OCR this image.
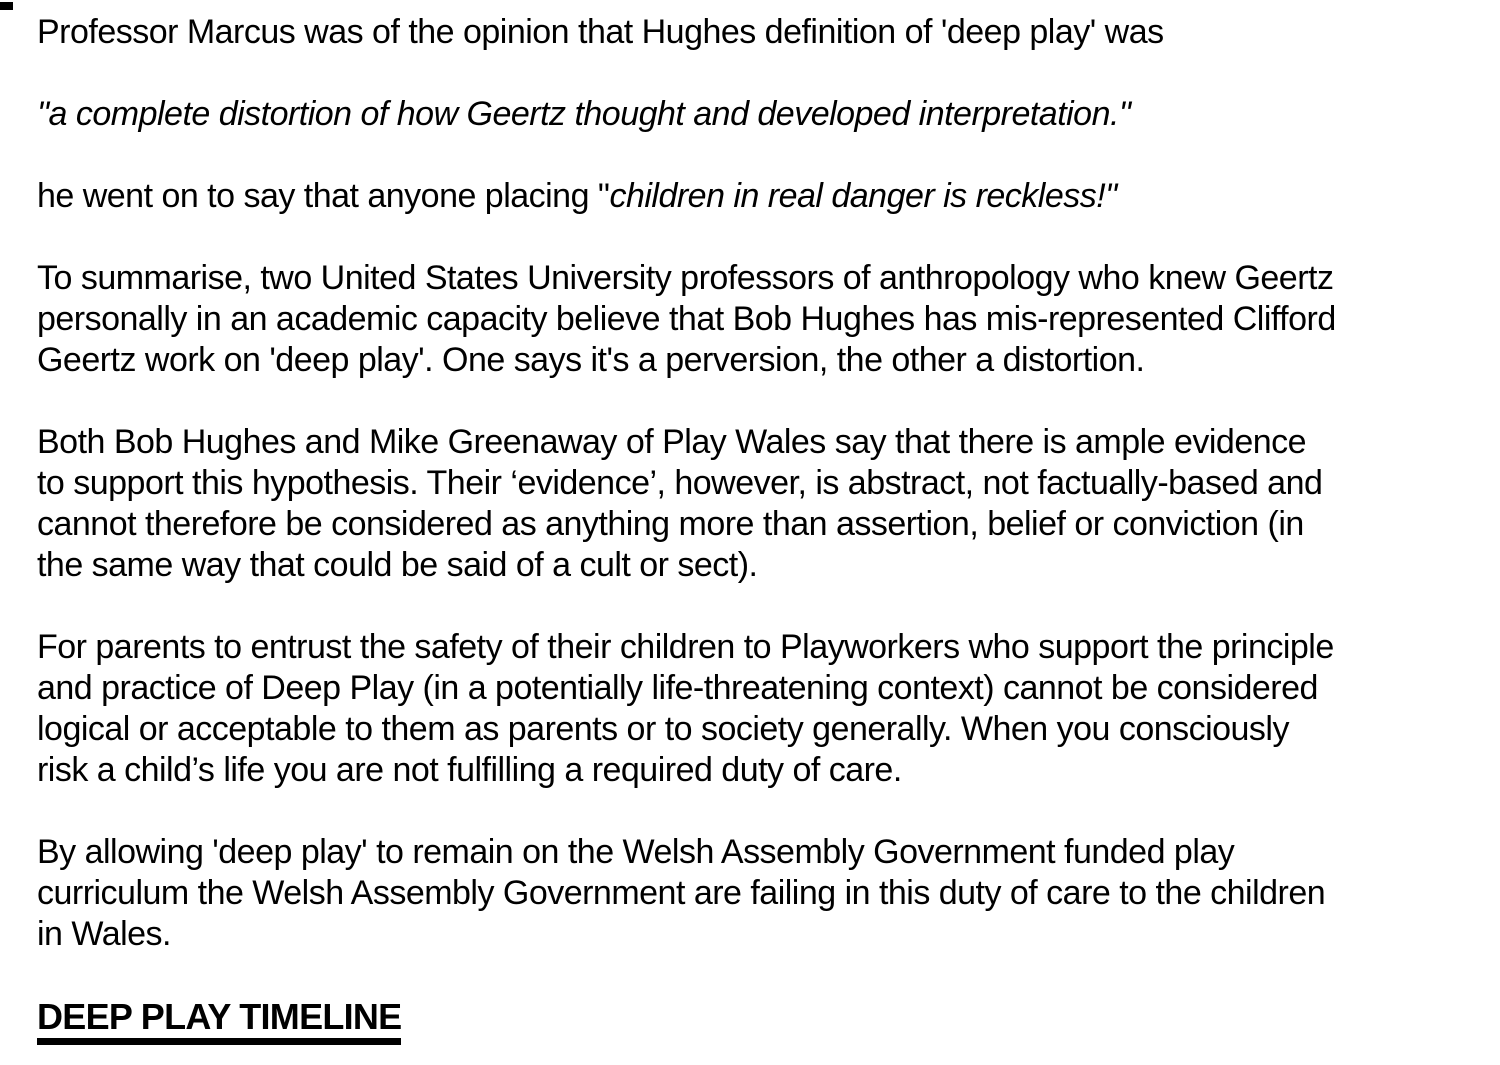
Professor Marcus was of the opinion that Hughes definition of 'deep play' was

"a complete distortion of how Geertz thought and developed interpretation."

he went on to say that anyone placing "children in real danger is reckless!"

To summarise, two United States University professors of anthropology who knew Geertz
personally in an academic capacity believe that Bob Hughes has mis-represented Clifford
Geertz work on 'deep play'. One says it's a perversion, the other a distortion.

Both Bob Hughes and Mike Greenaway of Play Wales say that there is ample evidence
to support this hypothesis. Their ‘evidence’, however, is abstract, not factually-based and
cannot therefore be considered as anything more than assertion, belief or conviction (in
the same way that could be said of a cult or sect).

For parents to entrust the safety of their children to Playworkers who support the principle
and practice of Deep Play (in a potentially life-threatening context) cannot be considered
logical or acceptable to them as parents or to society generally. When you consciously
risk a child’s life you are not fulfilling a required duty of care.

By allowing 'deep play' to remain on the Welsh Assembly Government funded play
curriculum the Welsh Assembly Government are failing in this duty of care to the children
in Wales.

DEEP PLAY TIMELINE
